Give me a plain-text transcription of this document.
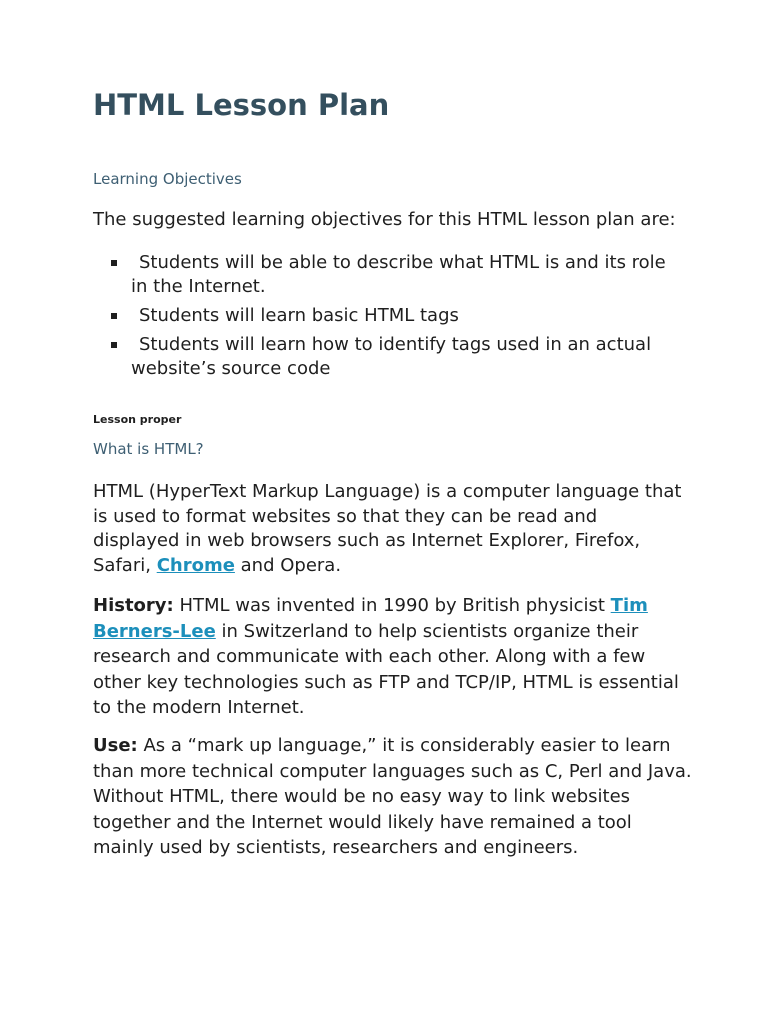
HTML Lesson Plan
Learning Objectives

The suggested learning objectives for this HTML lesson plan are:

Students will be able to describe what HTML is and its role in the Internet.
Students will learn basic HTML tags
Students will learn how to identify tags used in an actual website’s source code

Lesson proper

What is HTML?

HTML (HyperText Markup Language) is a computer language that is used to format websites so that they can be read and displayed in web browsers such as Internet Explorer, Firefox, Safari, Chrome and Opera.

History: HTML was invented in 1990 by British physicist Tim Berners-Lee in Switzerland to help scientists organize their research and communicate with each other. Along with a few other key technologies such as FTP and TCP/IP, HTML is essential to the modern Internet.

Use: As a “mark up language,” it is considerably easier to learn than more technical computer languages such as C, Perl and Java. Without HTML, there would be no easy way to link websites together and the Internet would likely have remained a tool mainly used by scientists, researchers and engineers.
